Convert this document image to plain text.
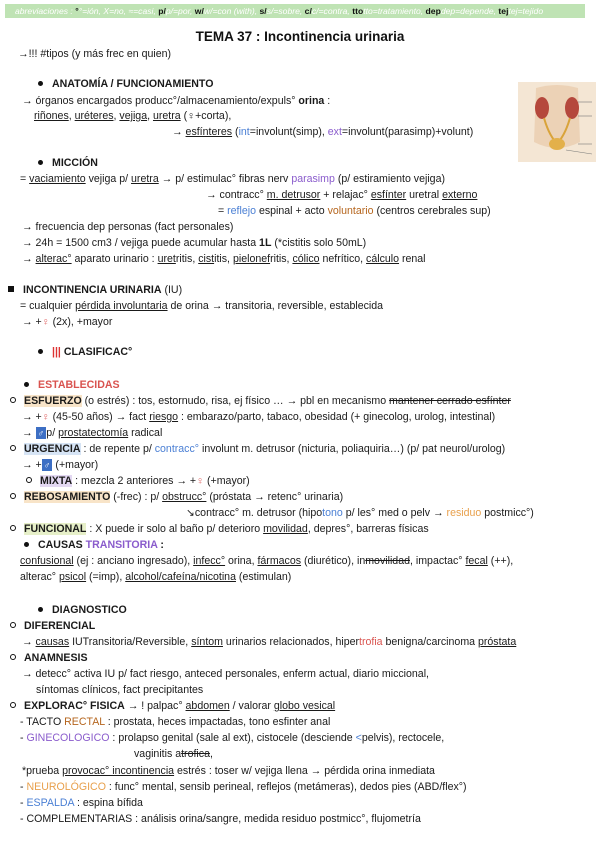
abreviaciones : °°=ión, X=no, ≈=casi, p/p/=por, w/w/=con (with), s/s/=sobre, c/c/=contra, ttotto=tratamiento, depdep=depende, tejtej=tejido
TEMA 37 : Incontinencia urinaria
→!!! #tipos (y más frec en quien)
ANATOMÍA / FUNCIONAMIENTO
→ órganos encargados producc°/almacenamiento/expuls° orina :
riñones, uréteres, vejiga, uretra (♀+corta),
→ esfínteres (int=involunt(simp), ext=involunt(parasimp)+volunt)
MICCIÓN
= vaciamiento vejiga p/ uretra → p/ estimulac° fibras nerv parasimp (p/ estiramiento vejiga)
→ contracc° m. detrusor + relajac° esfínter uretral externo
= reflejo espinal + acto voluntario (centros cerebrales sup)
→ frecuencia dep personas (fact personales)
→ 24h = 1500 cm3 / vejiga puede acumular hasta 1L (*cistitis solo 50mL)
→ alterac° aparato urinario : uretritis, cistitis, pielonefritis, cólico nefrítico, cálculo renal
INCONTINENCIA URINARIA (IU)
= cualquier pérdida involuntaria de orina → transitoria, reversible, establecida
→ +♀ (2x), +mayor
||| CLASIFICAC°
ESTABLECIDAS
ESFUERZO (o estrés) : tos, estornudo, risa, ej físico … → pbl en mecanismo mantener cerrado esfínter
→ +♀ (45-50 años) → fact riesgo : embarazo/parto, tabaco, obesidad (+ ginecolog, urolog, intestinal)
→ ♂ p/ prostatectomía radical
URGENCIA : de repente p/ contracc° involunt m. detrusor (nicturia, poliaquiria…) (p/ pat neurol/urolog)
→ + ♂ (+mayor)
MIXTA : mezcla 2 anteriores → +♀ (+mayor)
REBOSAMIENTO (-frec) : p/ obstrucc° (próstata → retenc° urinaria)
↘contracc° m. detrusor (hipotono p/ les° med o pelv → residuo postmicc°)
FUNCIONAL : X puede ir solo al baño p/ deterioro movilidad, depres°, barreras físicas
CAUSAS TRANSITORIA :
confusional (ej : anciano ingresado), infecc° orina, fármacos (diurético), inmovilidad, impactac° fecal (++),
alterac° psicol (=imp), alcohol/cafeína/nicotina (estimulan)
DIAGNOSTICO
DIFERENCIAL
→ causas IUTransitoria/Reversible, síntom urinarios relacionados, hipertrofia benigna/carcinoma próstata
ANAMNESIS
→ detecc° activa IU p/ fact riesgo, anteced personales, enferm actual, diario miccional,
síntomas clínicos, fact precipitantes
EXPLORAC° FISICA → ! palpac° abdomen / valorar globo vesical
- TACTO RECTAL : prostata, heces impactadas, tono esfinter anal
- GINECOLOGICO : prolapso genital (sale al ext), cistocele (desciende <pelvis), rectocele,
vaginitis atrofica,
*prueba provocac° incontinencia estrés : toser w/ vejiga llena → pérdida orina inmediata
- NEUROLÓGICO : func° mental, sensib perineal, reflejos (metámeras), dedos pies (ABD/flex°)
- ESPALDA : espina bífida
- COMPLEMENTARIAS : análisis orina/sangre, medida residuo postmicc°, flujometría
